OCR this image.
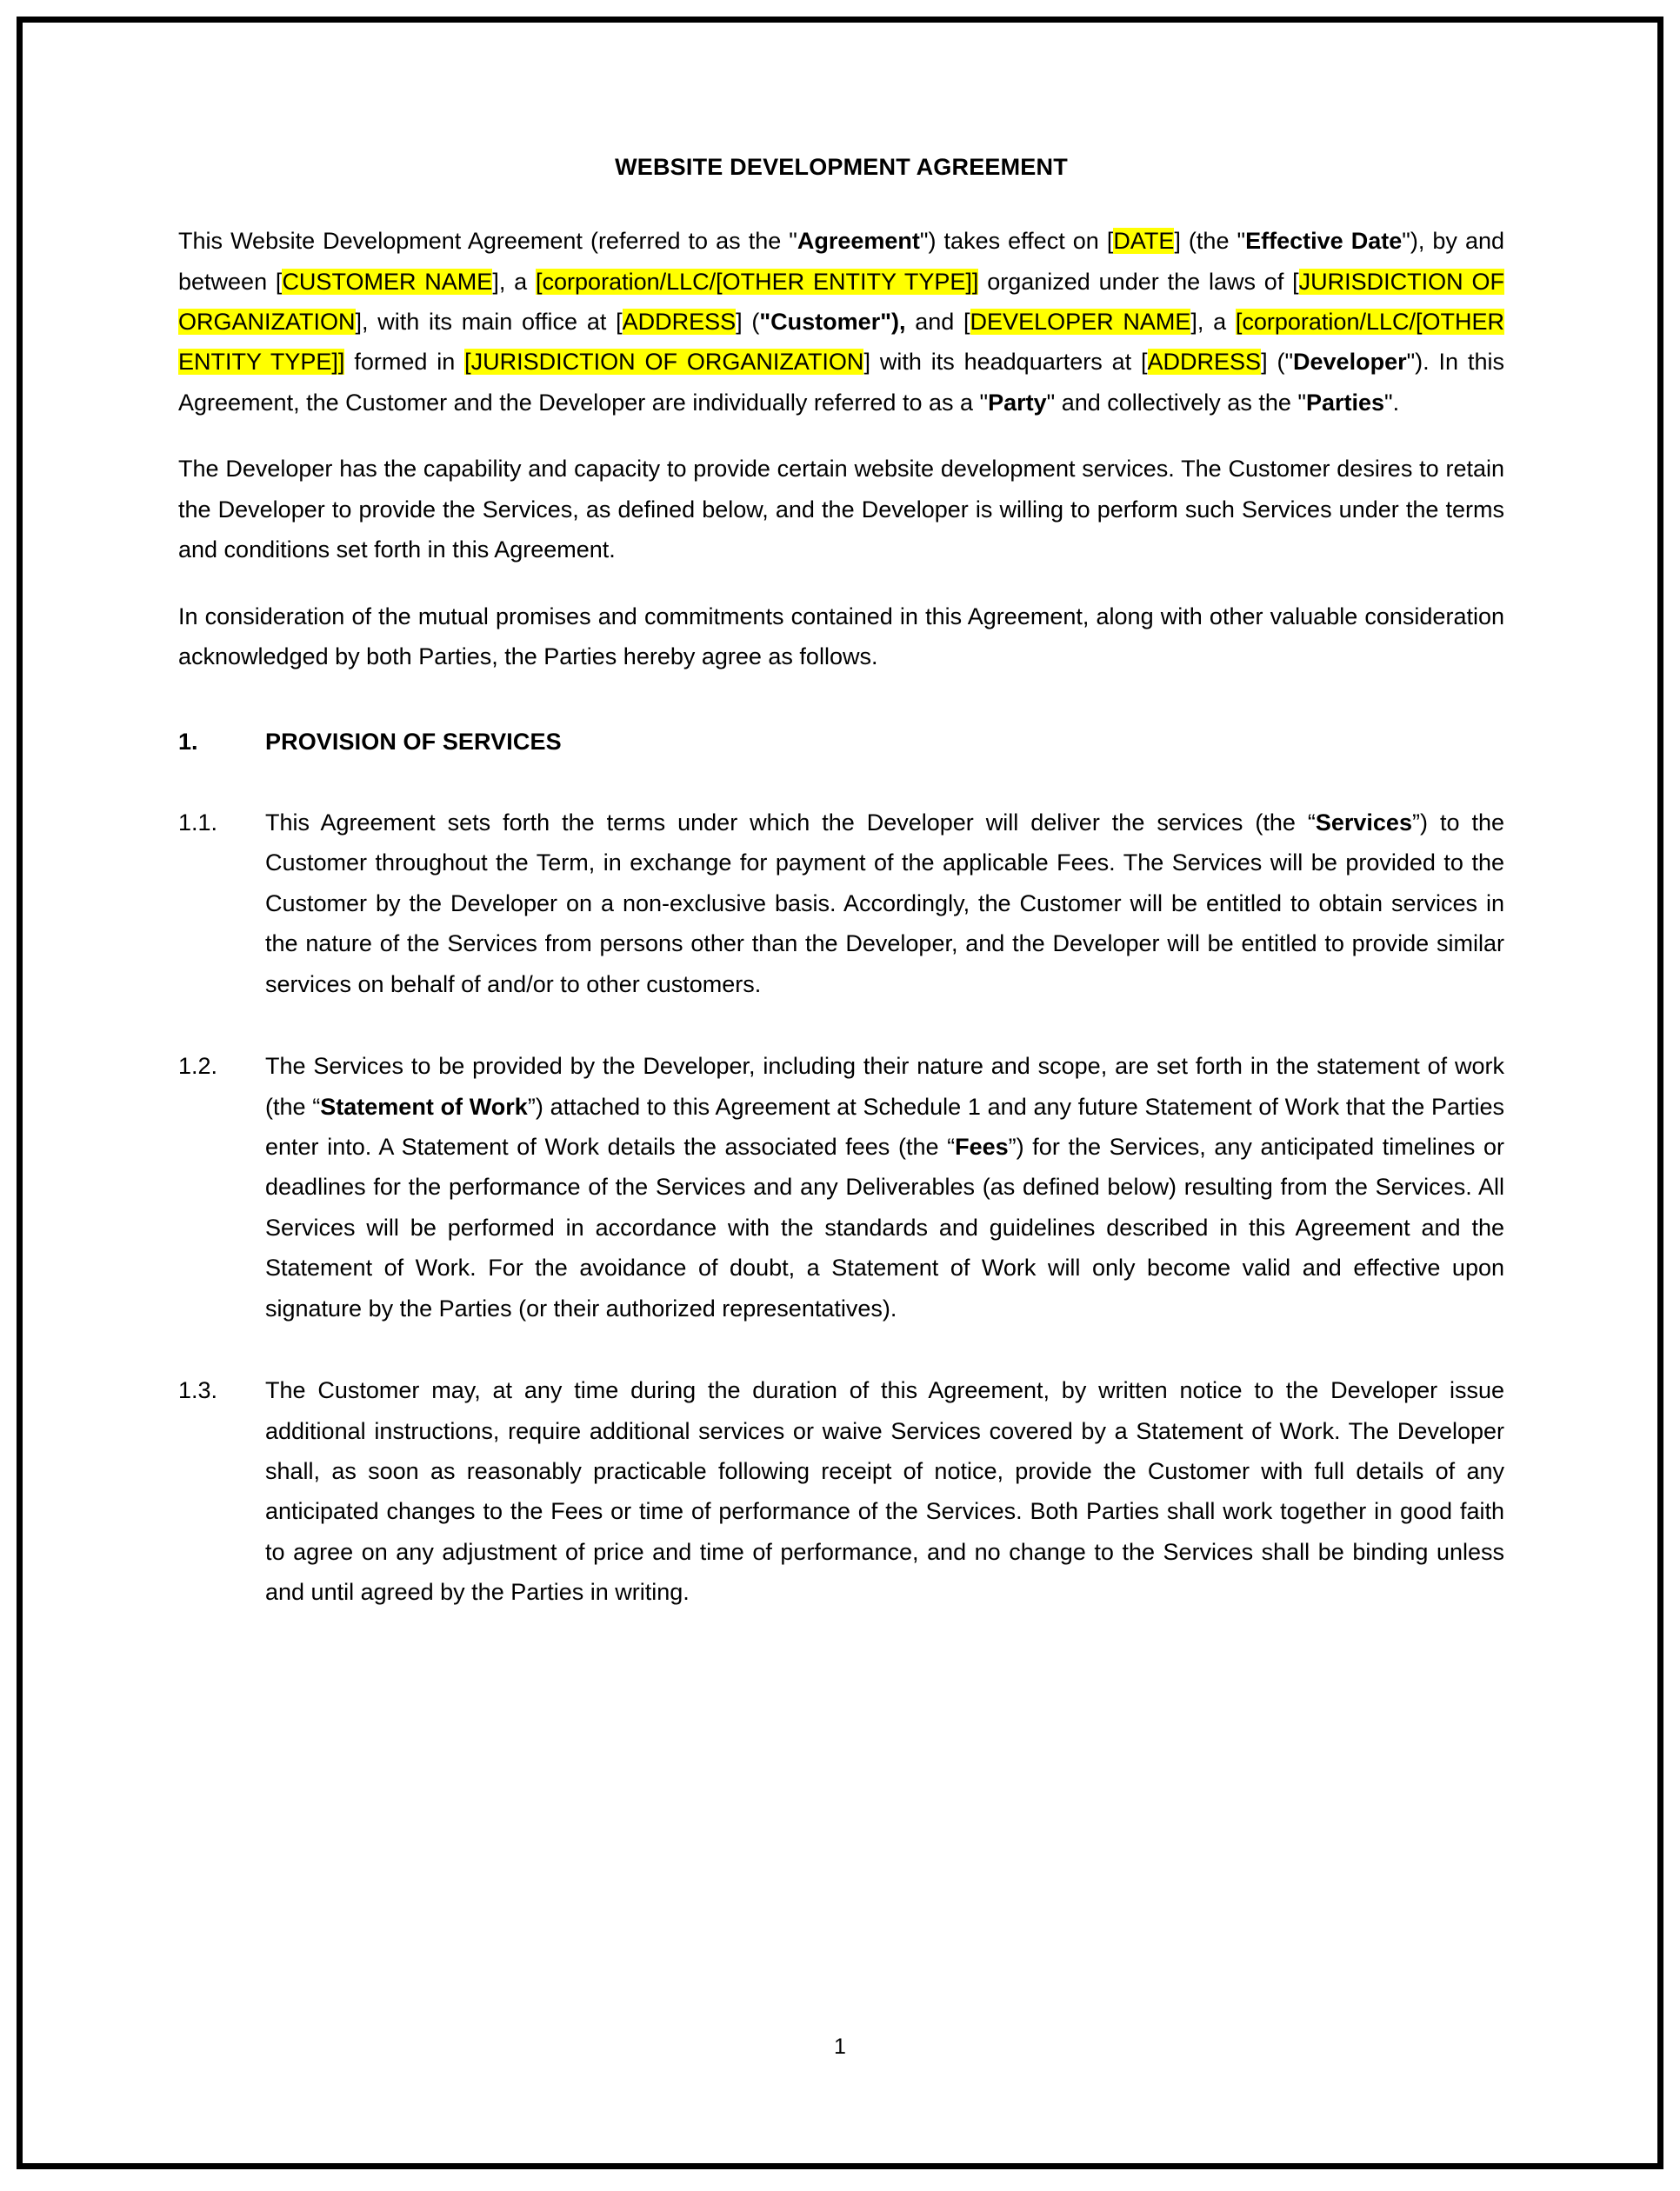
WEBSITE DEVELOPMENT AGREEMENT

This Website Development Agreement (referred to as the "Agreement") takes effect on [DATE] (the "Effective Date"), by and between [CUSTOMER NAME], a [corporation/LLC/[OTHER ENTITY TYPE]] organized under the laws of [JURISDICTION OF ORGANIZATION], with its main office at [ADDRESS] ("Customer"), and [DEVELOPER NAME], a [corporation/LLC/[OTHER ENTITY TYPE]] formed in [JURISDICTION OF ORGANIZATION] with its headquarters at [ADDRESS] ("Developer"). In this Agreement, the Customer and the Developer are individually referred to as a "Party" and collectively as the "Parties".

The Developer has the capability and capacity to provide certain website development services. The Customer desires to retain the Developer to provide the Services, as defined below, and the Developer is willing to perform such Services under the terms and conditions set forth in this Agreement.

In consideration of the mutual promises and commitments contained in this Agreement, along with other valuable consideration acknowledged by both Parties, the Parties hereby agree as follows.

1.	PROVISION OF SERVICES
1.1.	This Agreement sets forth the terms under which the Developer will deliver the services (the “Services”) to the Customer throughout the Term, in exchange for payment of the applicable Fees. The Services will be provided to the Customer by the Developer on a non-exclusive basis. Accordingly, the Customer will be entitled to obtain services in the nature of the Services from persons other than the Developer, and the Developer will be entitled to provide similar services on behalf of and/or to other customers.
1.2.	The Services to be provided by the Developer, including their nature and scope, are set forth in the statement of work (the “Statement of Work”) attached to this Agreement at Schedule 1 and any future Statement of Work that the Parties enter into. A Statement of Work details the associated fees (the “Fees”) for the Services, any anticipated timelines or deadlines for the performance of the Services and any Deliverables (as defined below) resulting from the Services. All Services will be performed in accordance with the standards and guidelines described in this Agreement and the Statement of Work. For the avoidance of doubt, a Statement of Work will only become valid and effective upon signature by the Parties (or their authorized representatives).
1.3.	The Customer may, at any time during the duration of this Agreement, by written notice to the Developer issue additional instructions, require additional services or waive Services covered by a Statement of Work. The Developer shall, as soon as reasonably practicable following receipt of notice, provide the Customer with full details of any anticipated changes to the Fees or time of performance of the Services. Both Parties shall work together in good faith to agree on any adjustment of price and time of performance, and no change to the Services shall be binding unless and until agreed by the Parties in writing.
1
